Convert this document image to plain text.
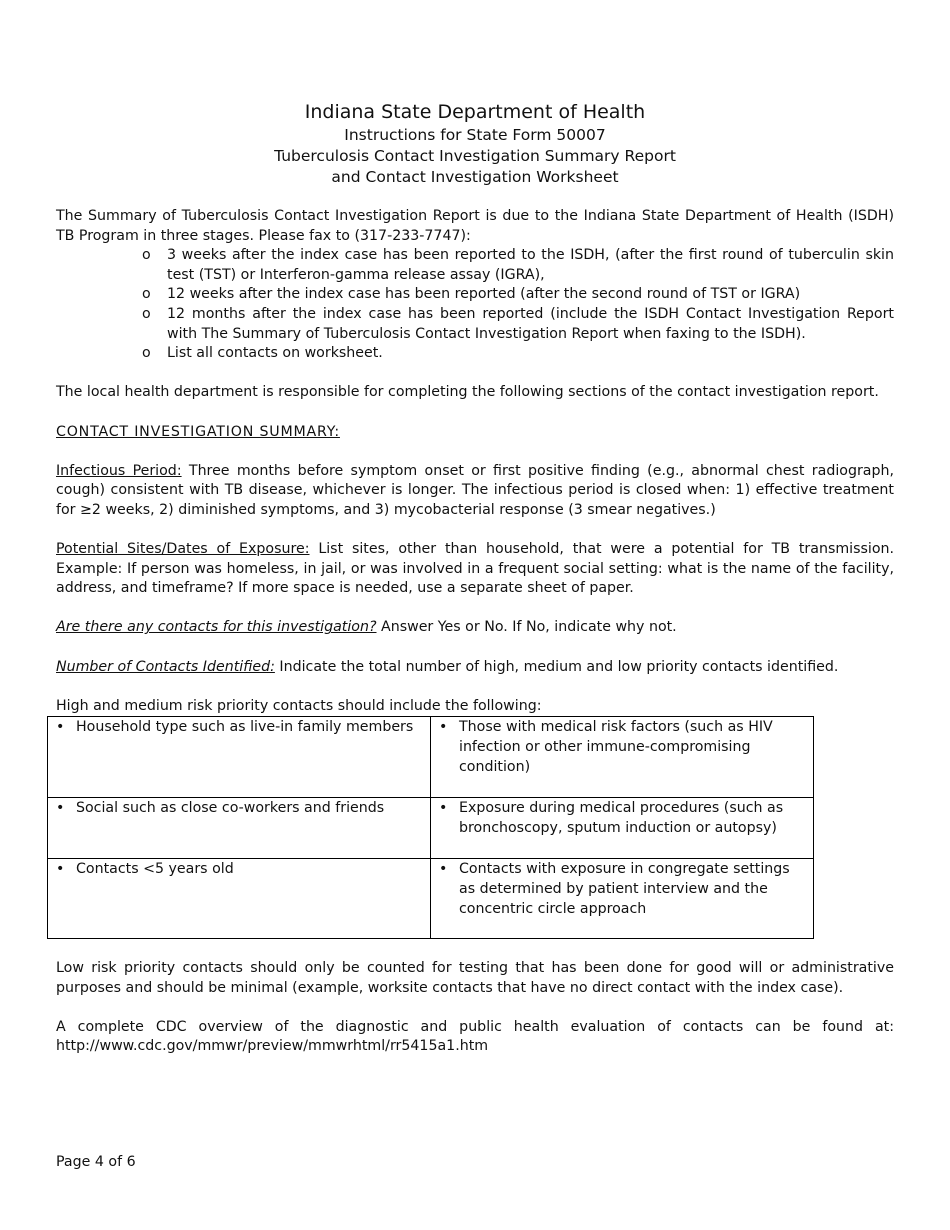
Indiana State Department of Health
Instructions for State Form 50007
Tuberculosis Contact Investigation Summary Report
and Contact Investigation Worksheet

The Summary of Tuberculosis Contact Investigation Report is due to the Indiana State Department of Health (ISDH) TB Program in three stages. Please fax to (317-233-7747):

o 3 weeks after the index case has been reported to the ISDH, (after the first round of tuberculin skin test (TST) or Interferon-gamma release assay (IGRA),
o 12 weeks after the index case has been reported (after the second round of TST or IGRA)
o 12 months after the index case has been reported (include the ISDH Contact Investigation Report with The Summary of Tuberculosis Contact Investigation Report when faxing to the ISDH).
o List all contacts on worksheet.

The local health department is responsible for completing the following sections of the contact investigation report.

CONTACT INVESTIGATION SUMMARY:

Infectious Period: Three months before symptom onset or first positive finding (e.g., abnormal chest radiograph, cough) consistent with TB disease, whichever is longer. The infectious period is closed when: 1) effective treatment for ≥2 weeks, 2) diminished symptoms, and 3) mycobacterial response (3 smear negatives.)

Potential Sites/Dates of Exposure: List sites, other than household, that were a potential for TB transmission. Example: If person was homeless, in jail, or was involved in a frequent social setting: what is the name of the facility, address, and timeframe? If more space is needed, use a separate sheet of paper.

Are there any contacts for this investigation? Answer Yes or No. If No, indicate why not.

Number of Contacts Identified: Indicate the total number of high, medium and low priority contacts identified.

High and medium risk priority contacts should include the following:

• Household type such as live-in family members	• Those with medical risk factors (such as HIV infection or other immune-compromising condition)

• Social such as close co-workers and friends	• Exposure during medical procedures (such as bronchoscopy, sputum induction or autopsy)

• Contacts <5 years old	• Contacts with exposure in congregate settings as determined by patient interview and the concentric circle approach

Low risk priority contacts should only be counted for testing that has been done for good will or administrative purposes and should be minimal (example, worksite contacts that have no direct contact with the index case).

A complete CDC overview of the diagnostic and public health evaluation of contacts can be found at:

http://www.cdc.gov/mmwr/preview/mmwrhtml/rr5415a1.htm

Page 4 of 6
